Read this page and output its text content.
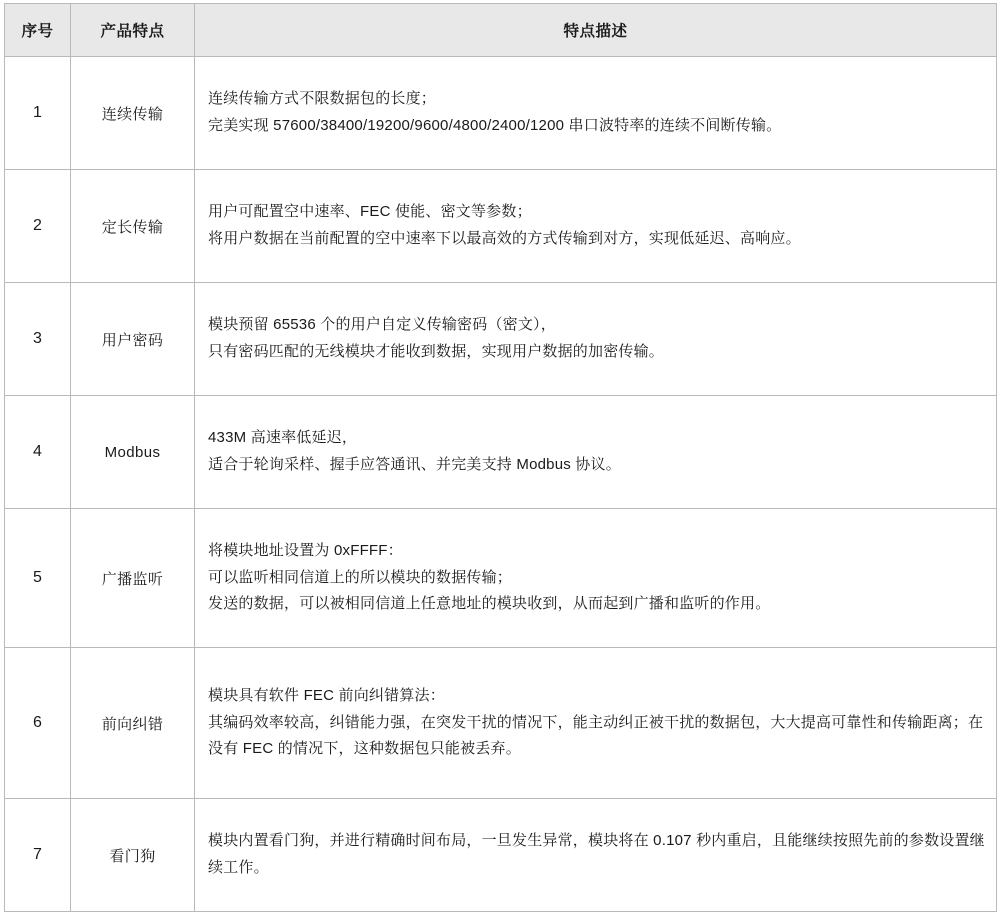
序号	产品特点	特点描述
1	连续传输	连续传输方式不限数据包的长度；
完美实现 57600/38400/19200/9600/4800/2400/1200 串口波特率的连续不间断传输。

2	定长传输	用户可配置空中速率、FEC 使能、密文等参数；
将用户数据在当前配置的空中速率下以最高效的方式传输到对方，实现低延迟、高响应。

3	用户密码	模块预留 65536 个的用户自定义传输密码（密文），
只有密码匹配的无线模块才能收到数据，实现用户数据的加密传输。

4	Modbus	433M 高速率低延迟，
适合于轮询采样、握手应答通讯、并完美支持 Modbus 协议。

5	广播监听	将模块地址设置为 0xFFFF：
可以监听相同信道上的所以模块的数据传输；
发送的数据，可以被相同信道上任意地址的模块收到，从而起到广播和监听的作用。

6	前向纠错	模块具有软件 FEC 前向纠错算法：
其编码效率较高，纠错能力强，在突发干扰的情况下，能主动纠正被干扰的数据包，大大提高可靠性和传输距离；在没有 FEC 的情况下，这种数据包只能被丢弃。

7	看门狗	模块内置看门狗，并进行精确时间布局，一旦发生异常，模块将在 0.107 秒内重启，且能继续按照先前的参数设置继续工作。
